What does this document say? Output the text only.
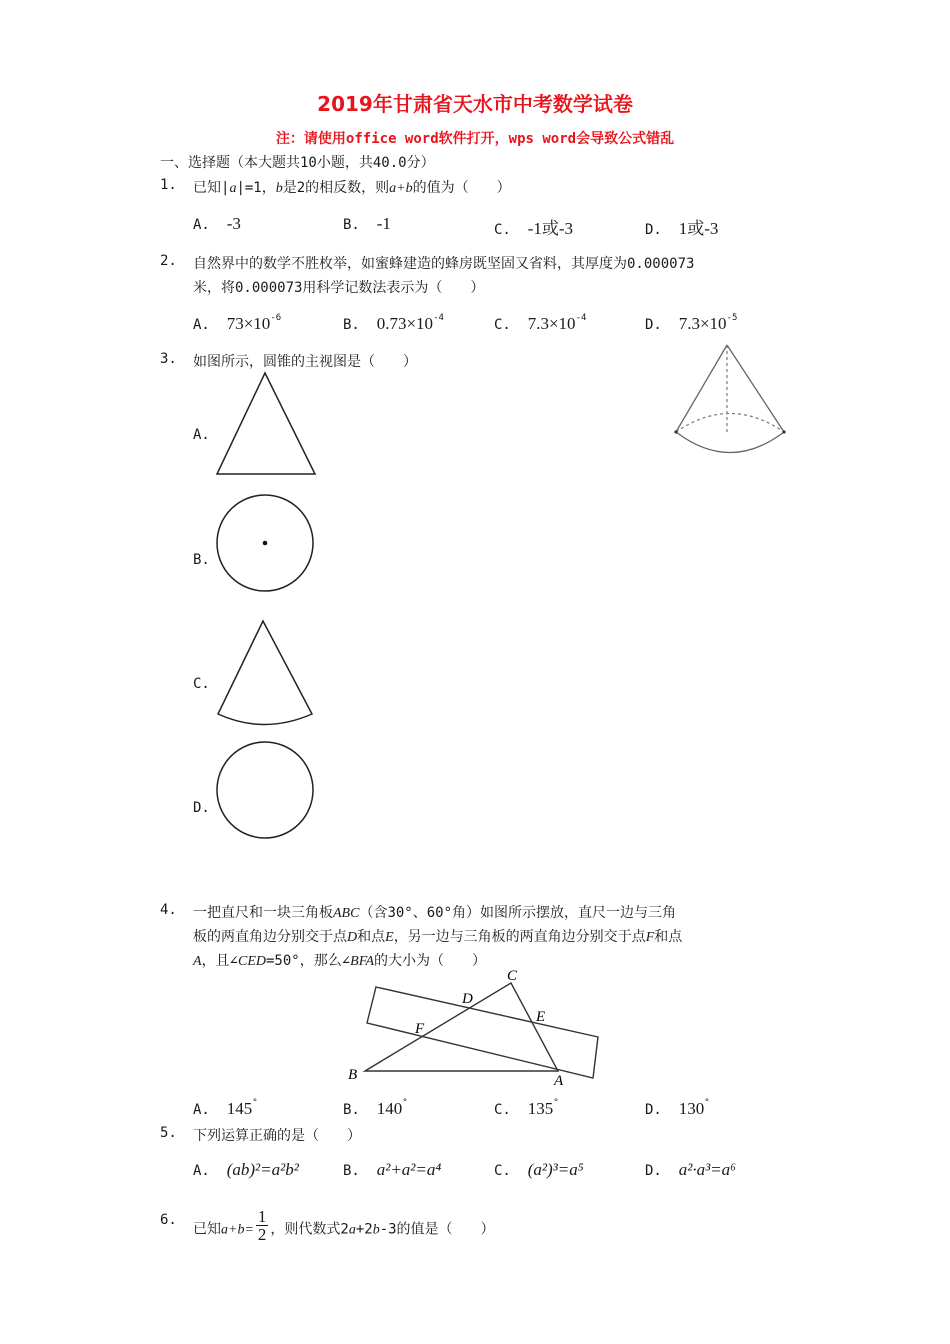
2019年甘肃省天水市中考数学试卷
注：请使用office word软件打开，wps word会导致公式错乱
一、选择题（本大题共10小题，共40.0分）
1. 已知|a|=1，b是2的相反数，则a+b的值为（　　）
A. -3	B. -1	C. -1或-3	D. 1或-3
2. 自然界中的数学不胜枚举，如蜜蜂建造的蜂房既坚固又省料，其厚度为0.000073
米，将0.000073用科学记数法表示为（　　）
A. $73\times 10^{-6}$	B. $0.73\times 10^{-4}$	C. $7.3\times 10^{-4}$	D. $7.3\times 10^{-5}$
3. 如图所示，圆锥的主视图是（　　）
A.
B.
C.
D.
4. 一把直尺和一块三角板ABC（含30°、60°角）如图所示摆放，直尺一边与三角
板的两直角边分别交于点D和点E，另一边与三角板的两直角边分别交于点F和点
A，且∠CED=50°，那么∠BFA的大小为（　　）
C
D
E
F
B	A
A. 145°	B. 140°	C. 135°	D. 130°
5. 下列运算正确的是（　　）
A. (ab)²=a²b²	B. a²+a²=a⁴	C. (a²)³=a⁵	D. a²·a³=a⁶
6.
已知$a+b= \frac{1}{2}$ ，则代数式2a+2b-3的值是（　　）
